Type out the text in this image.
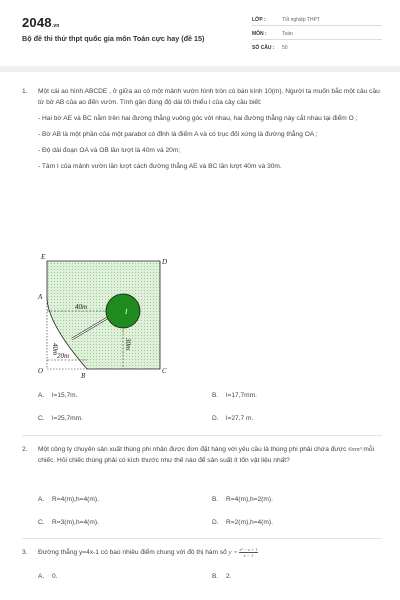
2048.vn
Bộ đề thi thử thpt quốc gia môn Toán cực hay (đề 15)
LỚP :	Tốt nghiệp THPT
MÔN :	Toán
SỐ CÂU : 50
1. Một cái ao hình ABCDE , ở giữa ao có một mảnh vườn hình tròn có bán kính 10(m). Người ta muốn bắc một câu cầu từ bờ AB của ao đến vườn. Tính gần đúng độ dài tối thiểu l của cây cầu biết:

- Hai bờ AE và BC nằm trên hai đường thẳng vuông góc với nhau, hai đường thẳng này cắt nhau tại điểm O ;

- Bờ AB là một phần của một parabol có đỉnh là điểm A và có trục đối xứng là đường thẳng OA ;

- Độ dài đoạn OA và OB lần lượt là 40m và 20m;

- Tâm I của mảnh vườn lần lượt cách đường thẳng AE và BC lần lượt 40m và 30m.

E
D
A
O
B
C
I
40m
40m	30m
20m
A. l=15,7m.	B. l=17,7mm.
C. l=25,7mm.	D. l=27,7 m.
2. Một công ty chuyên sản xuất thùng phi nhận được đơn đặt hàng với yêu cầu là thùng phi phải chứa được 6πm³ mỗi chiếc. Hỏi chiếc thùng phải có kích thước như thế nào để sản suất ít tốn vật liệu nhất?
A. R=4(m),h=4(m).	B. R=4(m),h=2(m).
C. R=3(m),h=4(m).	D. R=2(m),h=4(m).
3. Đường thẳng y=4x-1 có bao nhiêu điểm chung với đồ thị hàm số $y = \frac{\text{x² − x + 1}}{x - 1}$
A. 0.	B. 2.
